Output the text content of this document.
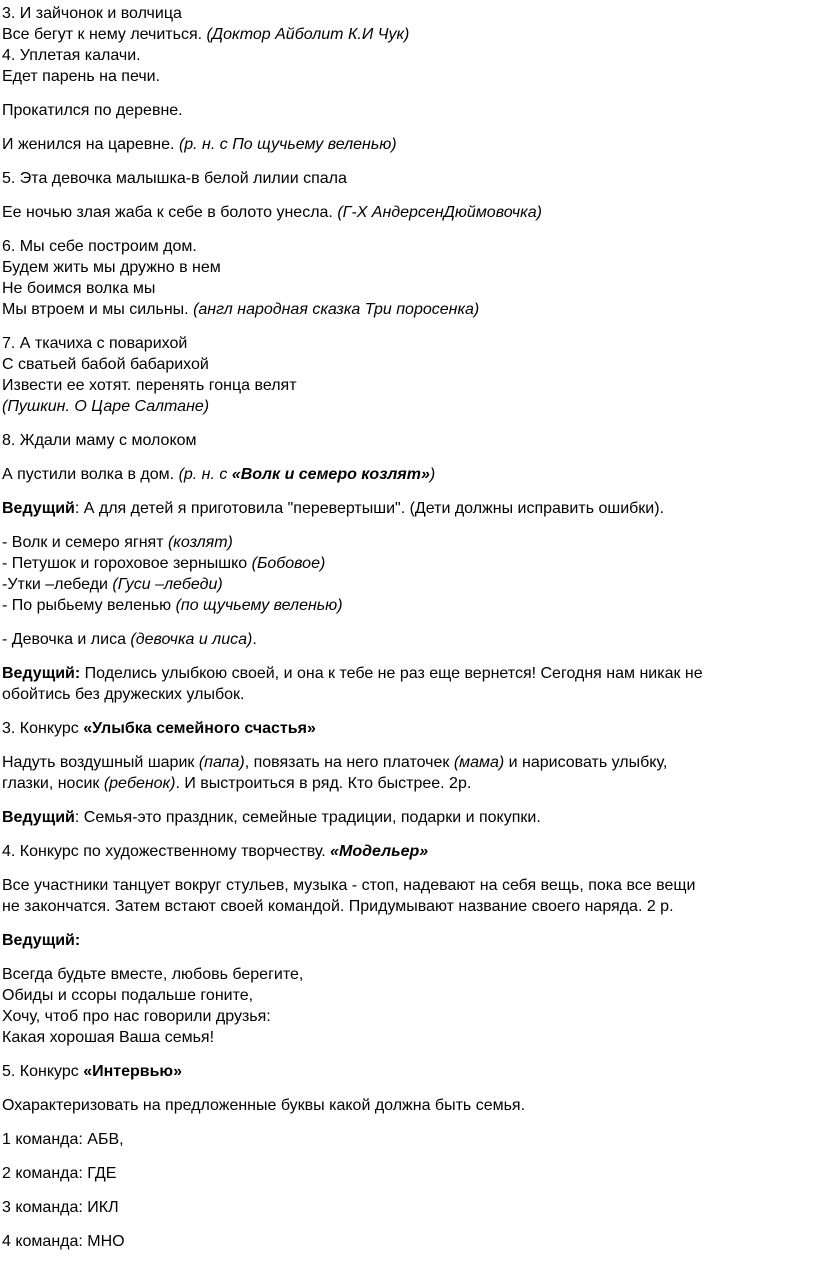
3. И зайчонок и волчица
Все бегут к нему лечиться. (Доктор Айболит К.И Чук)
4. Уплетая калачи.
Едет парень на печи.

Прокатился по деревне.

И женился на царевне. (р. н. с По щучьему веленью)

5. Эта девочка малышка-в белой лилии спала

Ее ночью злая жаба к себе в болото унесла. (Г-Х АндерсенДюймовочка)

6. Мы себе построим дом.
Будем жить мы дружно в нем
Не боимся волка мы
Мы втроем и мы сильны. (англ народная сказка Три поросенка)

7. А ткачиха с поварихой
С сватьей бабой бабарихой
Извести ее хотят. перенять гонца велят
(Пушкин. О Царе Салтане)

8. Ждали маму с молоком

А пустили волка в дом. (р. н. с «Волк и семеро козлят»)

Ведущий: А для детей я приготовила "перевертыши". (Дети должны исправить ошибки).

- Волк и семеро ягнят (козлят)
- Петушок и гороховое зернышко (Бобовое)
-Утки –лебеди (Гуси –лебеди)
- По рыбьему веленью (по щучьему веленью)

- Девочка и лиса (девочка и лиса).

Ведущий: Поделись улыбкою своей, и она к тебе не раз еще вернется! Сегодня нам никак не
обойтись без дружеских улыбок.

3. Конкурс «Улыбка семейного счастья»

Надуть воздушный шарик (папа), повязать на него платочек (мама) и нарисовать улыбку,
глазки, носик (ребенок). И выстроиться в ряд. Кто быстрее. 2р.

Ведущий: Семья-это праздник, семейные традиции, подарки и покупки.

4. Конкурс по художественному творчеству. «Модельер»

Все участники танцует вокруг стульев, музыка - стоп, надевают на себя вещь, пока все вещи
не закончатся. Затем встают своей командой. Придумывают название своего наряда. 2 р.

Ведущий:

Всегда будьте вместе, любовь берегите,
Обиды и ссоры подальше гоните,
Хочу, чтоб про нас говорили друзья:
Какая хорошая Ваша семья!

5. Конкурс «Интервью»

Охарактеризовать на предложенные буквы какой должна быть семья.

1 команда: АБВ,

2 команда: ГДЕ

3 команда: ИКЛ

4 команда: МНО
